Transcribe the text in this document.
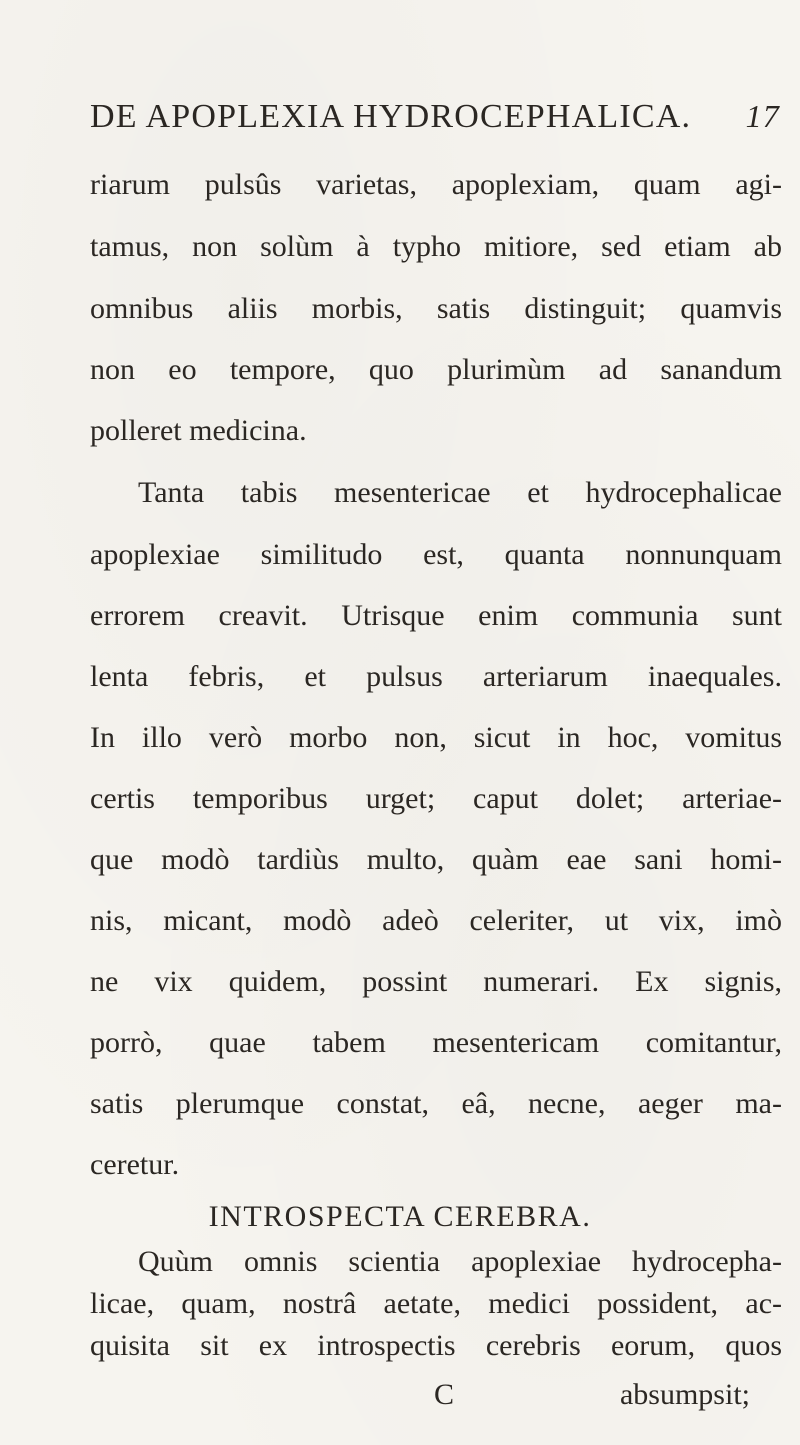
DE APOPLEXIA HYDROCEPHALICA. 17
riarum pulsûs varietas, apoplexiam, quam agi-
tamus, non solùm à typho mitiore, sed etiam ab
omnibus aliis morbis, satis distinguit; quamvis
non eo tempore, quo plurimùm ad sanandum
polleret medicina.
Tanta tabis mesentericae et hydrocephalicae
apoplexiae similitudo est, quanta nonnunquam
errorem creavit. Utrisque enim communia sunt
lenta febris, et pulsus arteriarum inaequales.
In illo verò morbo non, sicut in hoc, vomitus
certis temporibus urget; caput dolet; arteriae-
que modò tardiùs multo, quàm eae sani homi-
nis, micant, modò adeò celeriter, ut vix, imò
ne vix quidem, possint numerari. Ex signis,
porrò, quae tabem mesentericam comitantur,
satis plerumque constat, eâ, necne, aeger ma-
ceretur.
INTROSPECTA CEREBRA.
Quùm omnis scientia apoplexiae hydrocepha-
licae, quam, nostrâ aetate, medici possident, ac-
quisita sit ex introspectis cerebris eorum, quos
C	absumpsit;
